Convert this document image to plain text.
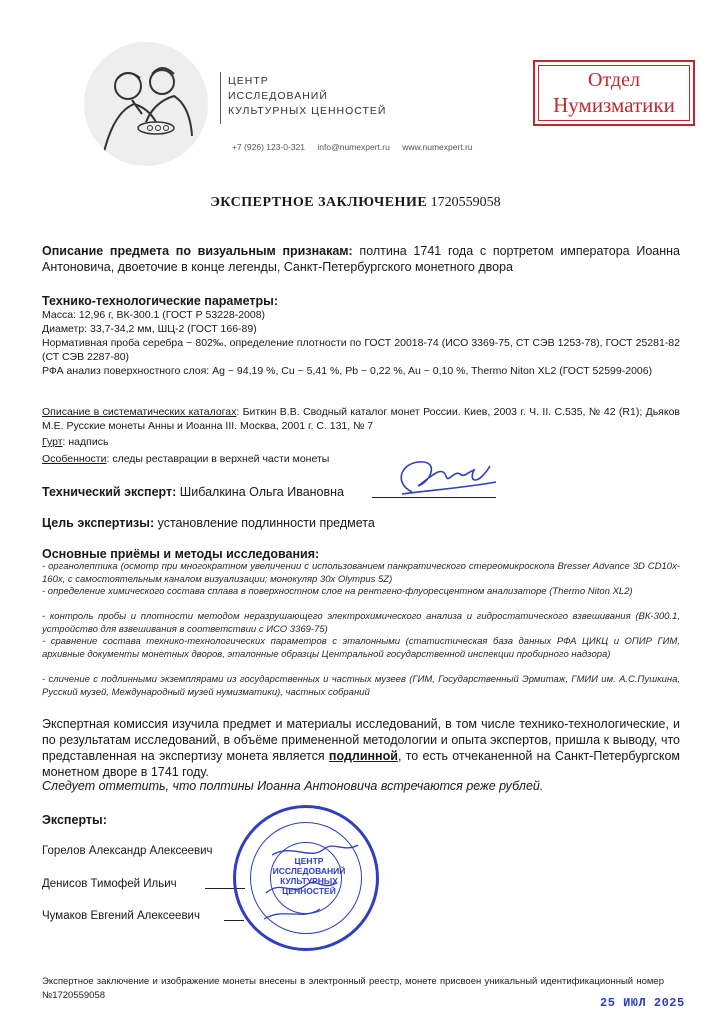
ЦЕНТР
ИССЛЕДОВАНИЙ
КУЛЬТУРНЫХ ЦЕННОСТЕЙ
+7 (926) 123-0-321 info@numexpert.ru www.numexpert.ru
Отдел
Нумизматики
ЭКСПЕРТНОЕ ЗАКЛЮЧЕНИЕ 1720559058
Описание предмета по визуальным признакам: полтина 1741 года с портретом императора Иоанна Антоновича, двоеточие в конце легенды, Санкт-Петербургского монетного двора
Технико-технологические параметры:
Масса: 12,96 г, ВК-300.1 (ГОСТ Р 53228-2008)
Диаметр: 33,7-34,2 мм, ШЦ-2 (ГОСТ 166-89)
Нормативная проба серебра ~ 802‰, определение плотности по ГОСТ 20018-74 (ИСО 3369-75, СТ СЭВ 1253-78), ГОСТ 25281-82 (СТ СЭВ 2287-80)
РФА анализ поверхностного слоя: Ag ~ 94,19 %, Cu ~ 5,41 %, Pb ~ 0,22 %, Au ~ 0,10 %, Thermo Niton XL2 (ГОСТ 52599-2006)
Описание в систематических каталогах: Биткин В.В. Сводный каталог монет России. Киев, 2003 г. Ч. II. С.535, № 42 (R1); Дьяков М.Е. Русские монеты Анны и Иоанна III. Москва, 2001 г. С. 131, № 7
Гурт: надпись
Особенности: следы реставрации в верхней части монеты
Технический эксперт: Шибалкина Ольга Ивановна
Цель экспертизы: установление подлинности предмета
Основные приёмы и методы исследования:
- органолептика (осмотр при многократном увеличении с использованием панкратического стереомикроскопа Bresser Advance 3D CD10x-160x, с самостоятельным каналом визуализации; монокуляр 30x Olympus 5Z)
- определение химического состава сплава в поверхностном слое на рентгено-флуоресцентном анализаторе (Thermo Niton XL2)
- контроль пробы и плотности методом неразрушающего электрохимического анализа и гидростатического взвешивания (ВК-300.1, устройство для взвешивания в соответствии с ИСО 3369-75)
- сравнение состава технико-технологических параметров с эталонными (статистическая база данных РФА ЦИКЦ и ОПИР ГИМ, архивные документы монетных дворов, эталонные образцы Центральной государственной инспекции пробирного надзора)
- сличение с подлинными экземплярами из государственных и частных музеев (ГИМ, Государственный Эрмитаж, ГМИИ им. А.С.Пушкина, Русский музей, Международный музей нумизматики), частных собраний
Экспертная комиссия изучила предмет и материалы исследований, в том числе технико-технологические, и по результатам исследований, в объёме примененной методологии и опыта экспертов, пришла к выводу, что представленная на экспертизу монета является подлинной, то есть отчеканенной на Санкт-Петербургском монетном дворе в 1741 году.
Следует отметить, что полтины Иоанна Антоновича встречаются реже рублей.
Эксперты:
Горелов Александр Алексеевич
Денисов Тимофей Ильич
Чумаков Евгений Алексеевич
ЦЕНТР
ИССЛЕДОВАНИЙ
КУЛЬТУРНЫХ
ЦЕННОСТЕЙ
Экспертное заключение и изображение монеты внесены в электронный реестр, монете присвоен уникальный идентификационный номер №1720559058
25 ИЮЛ 2025
